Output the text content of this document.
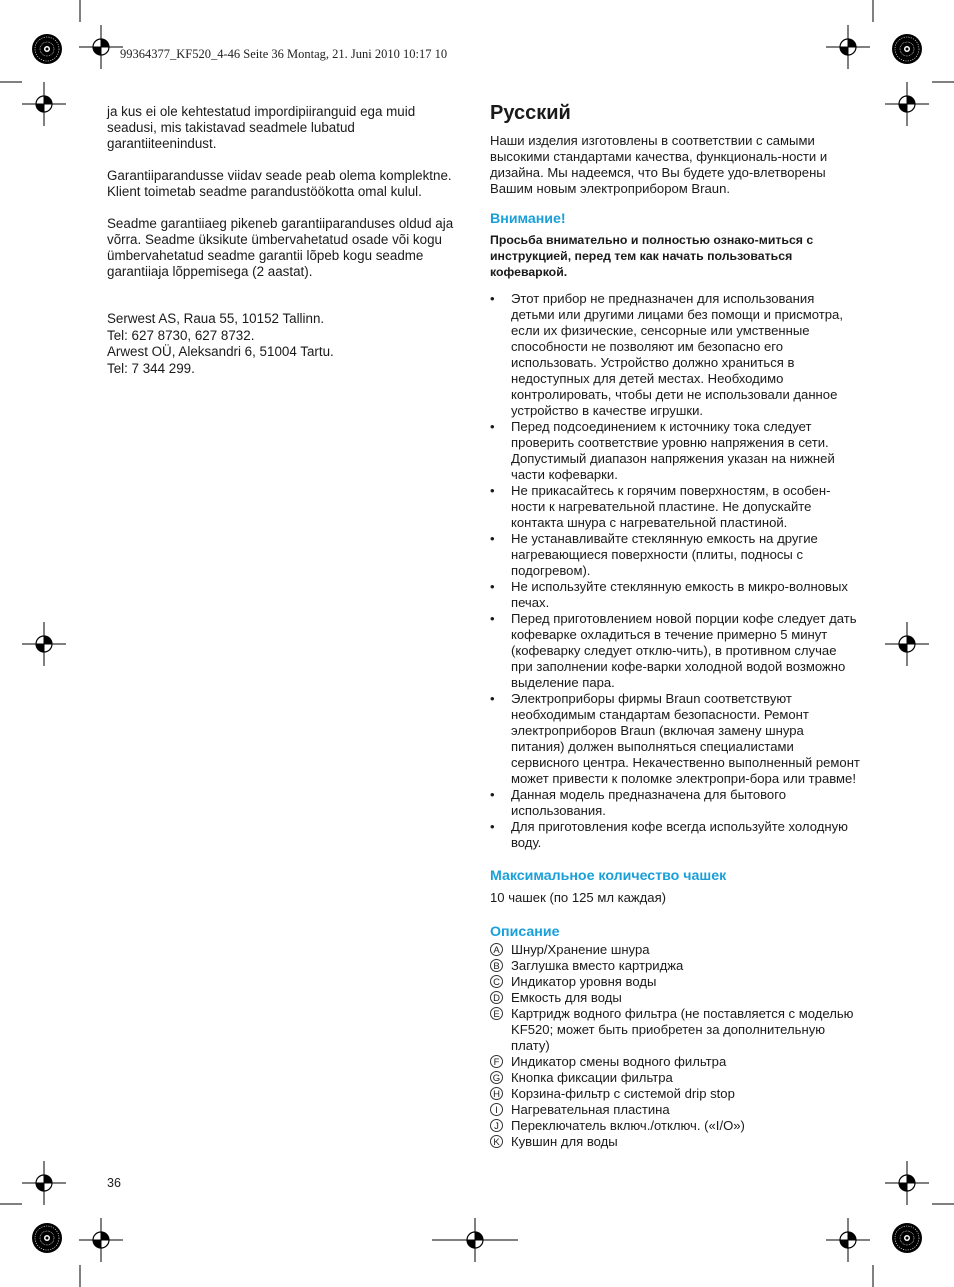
99364377_KF520_4-46 Seite 36 Montag, 21. Juni 2010 10:17 10

ja kus ei ole kehtestatud impordipiiranguid ega muid seadusi, mis takistavad seadmele lubatud garantiiteenindust.

Garantiiparandusse viidav seade peab olema komplektne. Klient toimetab seadme parandustöökotta omal kulul.

Seadme garantiiaeg pikeneb garantiiparanduses oldud aja võrra. Seadme üksikute ümbervahetatud osade või kogu ümbervahetatud seadme garantii lõpeb kogu seadme garantiiaja lõppemisega (2 aastat).

Serwest AS, Raua 55, 10152 Tallinn.
Tel: 627 8730, 627 8732.
Arwest OÜ, Aleksandri 6, 51004 Tartu.
Tel: 7 344 299.
Русский

Наши изделия изготовлены в соответствии с самыми высокими стандартами качества, функциональ-ности и дизайна. Мы надеемся, что Вы будете удо-влетворены Вашим новым электроприбором Braun.

Внимание!

Просьба внимательно и полностью ознако-миться с инструкцией, перед тем как начать пользоваться кофеваркой.

• Этот прибор не предназначен для использования детьми или другими лицами без помощи и присмотра, если их физические, сенсорные или умственные способности не позволяют им безопасно его использовать. Устройство должно храниться в недоступных для детей местах. Необходимо контролировать, чтобы дети не использовали данное устройство в качестве игрушки.
• Перед подсоединением к источнику тока следует проверить соответствие уровню напряжения в сети. Допустимый диапазон напряжения указан на нижней части кофеварки.
• Не прикасайтесь к горячим поверхностям, в особен-ности к нагревательной пластине. Не допускайте контакта шнура с нагревательной пластиной.
• Не устанавливайте стеклянную емкость на другие нагревающиеся поверхности (плиты, подносы с подогревом).
• Не используйте стеклянную емкость в микро-волновых печах.
• Перед приготовлением новой порции кофе следует дать кофеварке охладиться в течение примерно 5 минут (кофеварку следует отклю-чить), в противном случае при заполнении кофе-варки холодной водой возможно выделение пара.
• Электроприборы фирмы Braun соответствуют необходимым стандартам безопасности. Ремонт электроприборов Braun (включая замену шнура питания) должен выполняться специалистами сервисного центра. Некачественно выполненный ремонт может привести к поломке электропри-бора или травме!
• Данная модель предназначена для бытового использования.
• Для приготовления кофе всегда используйте холодную воду.
Максимальное количество чашек

10 чашек (по 125 мл каждая)

Описание
A Шнур/Хранение шнура
B Заглушка вместо картриджа
C Индикатор уровня воды
D Емкость для воды
E Картридж водного фильтра (не поставляется с моделью KF520; может быть приобретен за дополнительную плату)
F Индикатор смены водного фильтра
G Кнопка фиксации фильтра
H Корзина-фильтр с системой drip stop
I	Нагревательная пластина
J Переключатель включ./отключ. («I/O»)
K Кувшин для воды
36
